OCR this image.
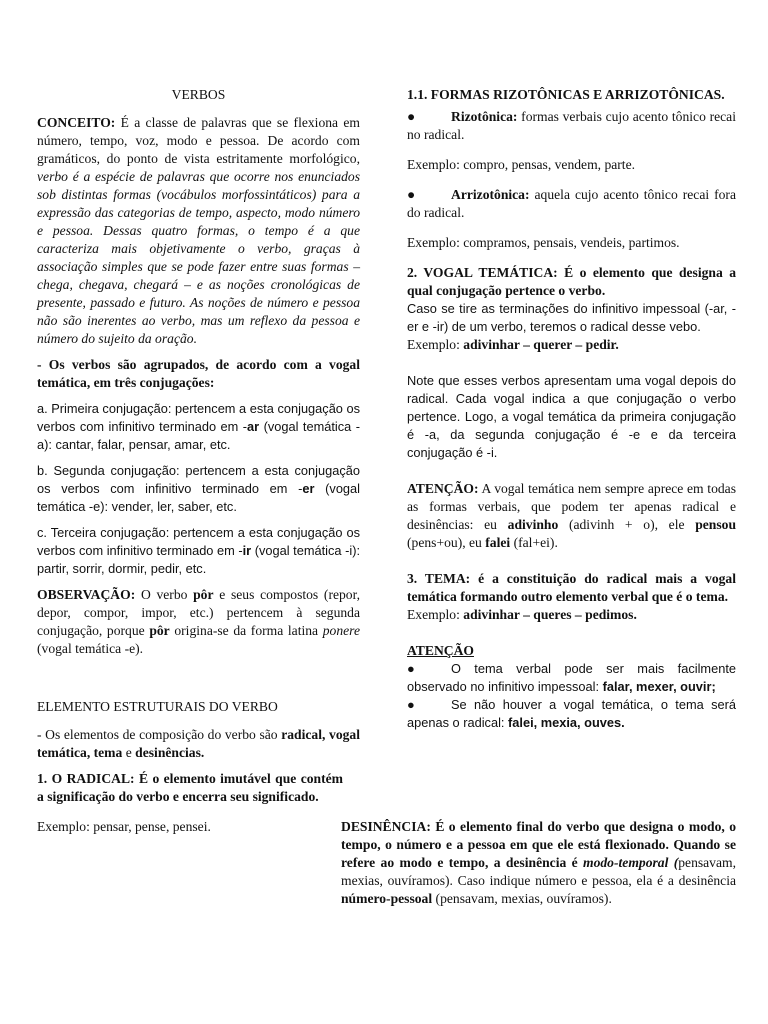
VERBOS

CONCEITO: É a classe de palavras que se flexiona em número, tempo, voz, modo e pessoa. De acordo com gramáticos, do ponto de vista estritamente morfológico, verbo é a espécie de palavras que ocorre nos enunciados sob distintas formas (vocábulos morfossintáticos) para a expressão das categorias de tempo, aspecto, modo número e pessoa. Dessas quatro formas, o tempo é a que caracteriza mais objetivamente o verbo, graças à associação simples que se pode fazer entre suas formas – chega, chegava, chegará – e as noções cronológicas de presente, passado e futuro. As noções de número e pessoa não são inerentes ao verbo, mas um reflexo da pessoa e número do sujeito da oração.

- Os verbos são agrupados, de acordo com a vogal temática, em três conjugações:

a. Primeira conjugação: pertencem a esta conjugação os verbos com infinitivo terminado em -ar (vogal temática -a): cantar, falar, pensar, amar, etc.

b. Segunda conjugação: pertencem a esta conjugação os verbos com infinitivo terminado em -er (vogal temática -e): vender, ler, saber, etc.

c. Terceira conjugação: pertencem a esta conjugação os verbos com infinitivo terminado em -ir (vogal temática -i): partir, sorrir, dormir, pedir, etc.

OBSERVAÇÃO: O verbo pôr e seus compostos (repor, depor, compor, impor, etc.) pertencem à segunda conjugação, porque pôr origina-se da forma latina ponere (vogal temática -e).

ELEMENTO ESTRUTURAIS DO VERBO

- Os elementos de composição do verbo são radical, vogal temática, tema e desinências.

1. O RADICAL: É o elemento imutável que contém a significação do verbo e encerra seu significado.

Exemplo: pensar, pense, pensei.

1.1. FORMAS RIZOTÔNICAS E ARRIZOTÔNICAS.

●	Rizotônica: formas verbais cujo acento tônico recai no radical.

Exemplo: compro, pensas, vendem, parte.

●	Arrizotônica: aquela cujo acento tônico recai fora do radical.

Exemplo: compramos, pensais, vendeis, partimos.

2. VOGAL TEMÁTICA: É o elemento que designa a qual conjugação pertence o verbo.

Caso se tire as terminações do infinitivo impessoal (-ar, -er e -ir) de um verbo, teremos o radical desse vebo.

Exemplo: adivinhar – querer – pedir.

Note que esses verbos apresentam uma vogal depois do radical. Cada vogal indica a que conjugação o verbo pertence. Logo, a vogal temática da primeira conjugação é -a, da segunda conjugação é -e e da terceira conjugação é -i.

ATENÇÃO: A vogal temática nem sempre aprece em todas as formas verbais, que podem ter apenas radical e desinências: eu adivinho (adivinh + o), ele pensou (pens+ou), eu falei (fal+ei).

3. TEMA: é a constituição do radical mais a vogal temática formando outro elemento verbal que é o tema.

Exemplo: adivinhar – queres – pedimos.

ATENÇÃO

●	O tema verbal pode ser mais facilmente observado no infinitivo impessoal: falar, mexer, ouvir;

●	Se não houver a vogal temática, o tema será apenas o radical: falei, mexia, ouves.

DESINÊNCIA: É o elemento final do verbo que designa o modo, o tempo, o número e a pessoa em que ele está flexionado. Quando se refere ao modo e tempo, a desinência é modo-temporal (pensavam, mexias, ouvíramos). Caso indique número e pessoa, ela é a desinência número-pessoal (pensavam, mexias, ouvíramos).
